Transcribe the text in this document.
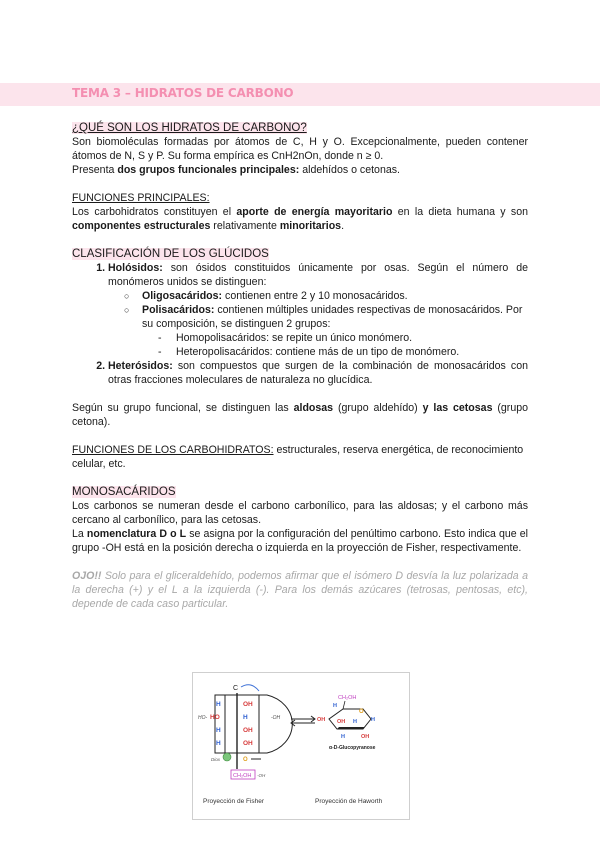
TEMA 3 – HIDRATOS DE CARBONO

¿QUÉ SON LOS HIDRATOS DE CARBONO?

Son biomoléculas formadas por átomos de C, H y O. Excepcionalmente, pueden contener átomos de N, S y P. Su forma empírica es CnH2nOn, donde n ≥ 0.

Presenta dos grupos funcionales principales: aldehídos o cetonas.

FUNCIONES PRINCIPALES:

Los carbohidratos constituyen el aporte de energía mayoritario en la dieta humana y son componentes estructurales relativamente minoritarios.

CLASIFICACIÓN DE LOS GLÚCIDOS

1. Holósidos: son ósidos constituidos únicamente por osas. Según el número de monómeros unidos se distinguen:

○ Oligosacáridos: contienen entre 2 y 10 monosacáridos.
○ Polisacáridos: contienen múltiples unidades respectivas de monosacáridos. Por su composición, se distinguen 2 grupos:
- Homopolisacáridos: se repite un único monómero.
- Heteropolisacáridos: contiene más de un tipo de monómero.

2. Heterósidos: son compuestos que surgen de la combinación de monosacáridos con otras fracciones moleculares de naturaleza no glucídica.

Según su grupo funcional, se distinguen las aldosas (grupo aldehído) y las cetosas (grupo cetona).

FUNCIONES DE LOS CARBOHIDRATOS: estructurales, reserva energética, de reconocimiento celular, etc.

MONOSACÁRIDOS

Los carbonos se numeran desde el carbono carbonílico, para las aldosas; y el carbono más cercano al carbonílico, para las cetosas.

La nomenclatura D o L se asigna por la configuración del penúltimo carbono. Esto indica que el grupo -OH está en la posición derecha o izquierda en la proyección de Fisher, respectivamente.

OJO!! Solo para el gliceraldehído, podemos afirmar que el isómero D desvía la luz polarizada a la derecha (+) y el L a la izquierda (-). Para los demás azúcares (tetrosas, pentosas, etc), depende de cada caso particular.

C
H	OH
HO	H
H	OH
H	OH
HO-	-OH
Diox	O
CH₂OH -OH
CH₂OH
O
H
OH OH H	H
H	OH
α-D-Glucopyranose
Proyección de Fisher	Proyección de Haworth
